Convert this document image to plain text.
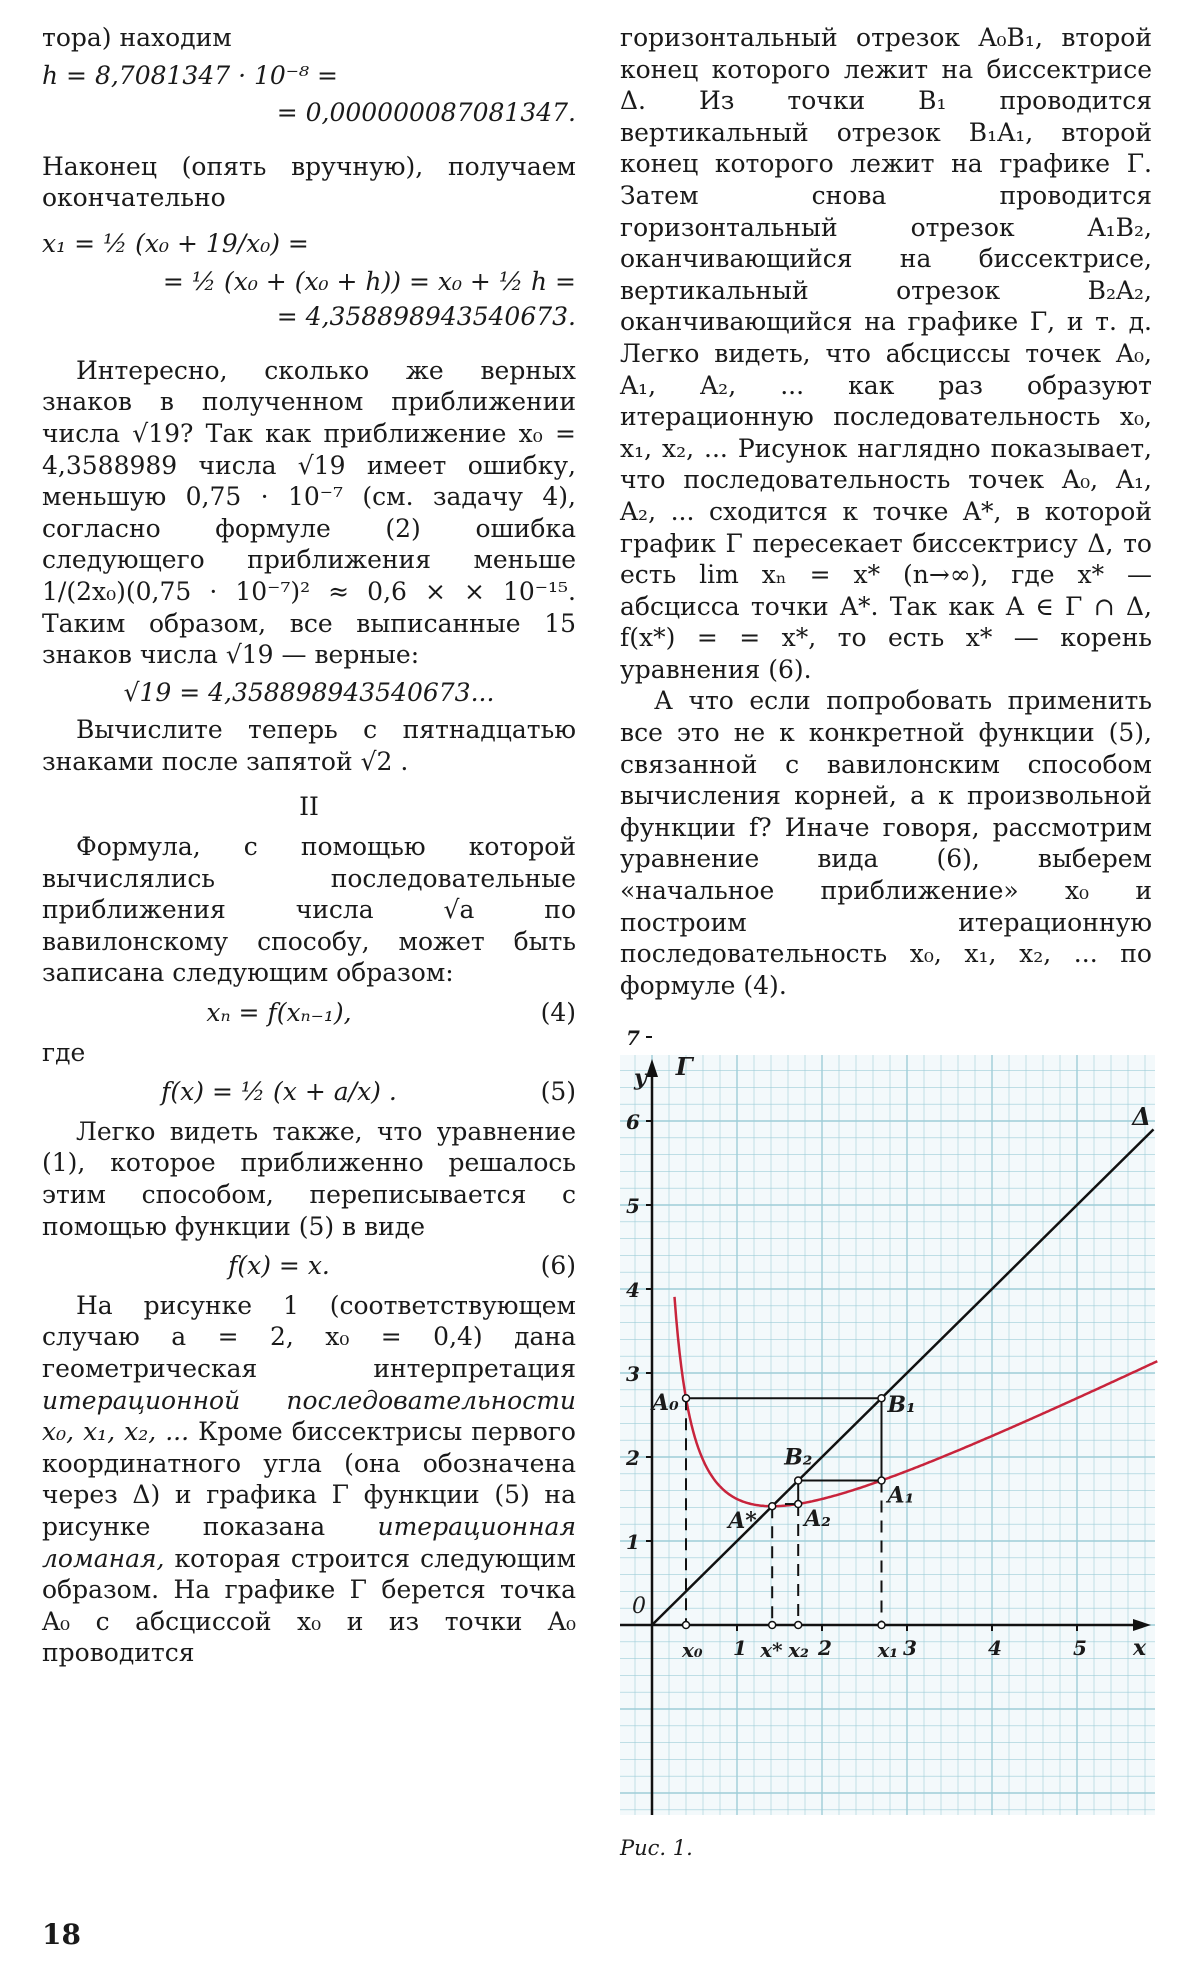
тора) находим

h = 8,7081347 · 10⁻⁸ =

= 0,000000087081347.

Наконец (опять вручную), получаем окончательно

x₁ = ½ (x₀ + 19/x₀) =

= ½ (x₀ + (x₀ + h)) = x₀ + ½ h =

= 4,358898943540673.

Интересно, сколько же верных знаков в полученном приближении числа √19? Так как приближение x₀ = 4,3588989 числа √19 имеет ошибку, меньшую 0,75 · 10⁻⁷ (см. задачу 4), согласно формуле (2) ошибка следующего приближения меньше 1/(2x₀)(0,75 · 10⁻⁷)² ≈ 0,6 × × 10⁻¹⁵. Таким образом, все выписанные 15 знаков числа √19 — верные:

√19 = 4,358898943540673...

Вычислите теперь с пятнадцатью знаками после запятой √2 .

II

Формула, с помощью которой вычислялись последовательные приближения числа √a по вавилонскому способу, может быть записана следующим образом:

xₙ = f(xₙ₋₁),	(4)

где

f(x) = ½ (x + a/x) .	(5)

Легко видеть также, что уравнение (1), которое приближенно решалось этим способом, переписывается с помощью функции (5) в виде

f(x) = x.	(6)

На рисунке 1 (соответствующем случаю a = 2, x₀ = 0,4) дана геометрическая интерпретация итерационной последовательности x₀, x₁, x₂, ... Кроме биссектрисы первого координатного угла (она обозначена через Δ) и графика Γ функции (5) на рисунке показана итерационная ломаная, которая строится следующим образом. На графике Γ берется точка A₀ с абсциссой x₀ и из точки A₀ проводится

горизонтальный отрезок A₀B₁, второй конец которого лежит на биссектрисе Δ. Из точки B₁ проводится вертикальный отрезок B₁A₁, второй конец которого лежит на графике Γ. Затем снова проводится горизонтальный отрезок A₁B₂, оканчивающийся на биссектрисе, вертикальный отрезок B₂A₂, оканчивающийся на графике Γ, и т. д. Легко видеть, что абсциссы точек A₀, A₁, A₂, ... как раз образуют итерационную последовательность x₀, x₁, x₂, ... Рисунок наглядно показывает, что последовательность точек A₀, A₁, A₂, ... сходится к точке A*, в которой график Γ пересекает биссектрису Δ, то есть lim xₙ = x* (n→∞), где x* — абсцисса точки A*. Так как A ∈ Γ ∩ Δ, f(x*) = = x*, то есть x* — корень уравнения (6).

А что если попробовать применить все это не к конкретной функции (5), связанной с вавилонским способом вычисления корней, а к произвольной функции f? Иначе говоря, рассмотрим уравнение вида (6), выберем «начальное приближение» x₀ и построим итерационную последовательность x₀, x₁, x₂, ... по формуле (4).

y
x
0
1
2
3
4
5
6
7
1	2	3	4	5
A₀	B₁
A₁
B₂
A₂
A*
x₀	x* x₂	x₁
Γ
Δ
Рис. 1.
18
